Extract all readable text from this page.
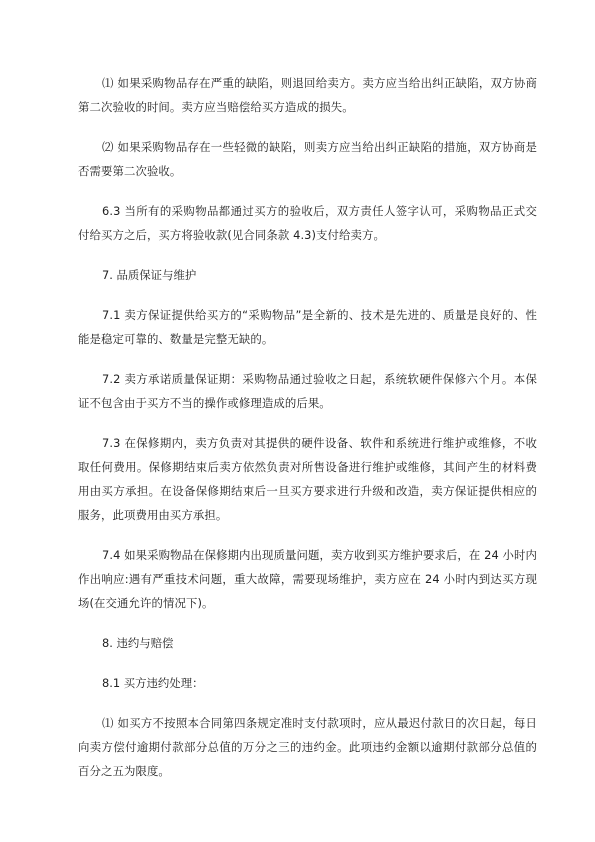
⑴ 如果采购物品存在严重的缺陷，则退回给卖方。卖方应当给出纠正缺陷，双方协商第二次验收的时间。卖方应当赔偿给买方造成的损失。

⑵ 如果采购物品存在一些轻微的缺陷，则卖方应当给出纠正缺陷的措施，双方协商是否需要第二次验收。

6.3 当所有的采购物品都通过买方的验收后，双方责任人签字认可，采购物品正式交付给买方之后，买方将验收款(见合同条款 4.3)支付给卖方。

7. 品质保证与维护

7.1 卖方保证提供给买方的“采购物品”是全新的、技术是先进的、质量是良好的、性能是稳定可靠的、数量是完整无缺的。

7.2 卖方承诺质量保证期：采购物品通过验收之日起，系统软硬件保修六个月。本保证不包含由于买方不当的操作或修理造成的后果。

7.3 在保修期内，卖方负责对其提供的硬件设备、软件和系统进行维护或维修，不收取任何费用。保修期结束后卖方依然负责对所售设备进行维护或维修，其间产生的材料费用由买方承担。在设备保修期结束后一旦买方要求进行升级和改造，卖方保证提供相应的服务，此项费用由买方承担。

7.4 如果采购物品在保修期内出现质量问题，卖方收到买方维护要求后，在 24 小时内作出响应:遇有严重技术问题，重大故障，需要现场维护，卖方应在 24 小时内到达买方现场(在交通允许的情况下)。

8. 违约与赔偿

8.1 买方违约处理：

⑴ 如买方不按照本合同第四条规定准时支付款项时，应从最迟付款日的次日起，每日向卖方偿付逾期付款部分总值的万分之三的违约金。此项违约金额以逾期付款部分总值的百分之五为限度。
